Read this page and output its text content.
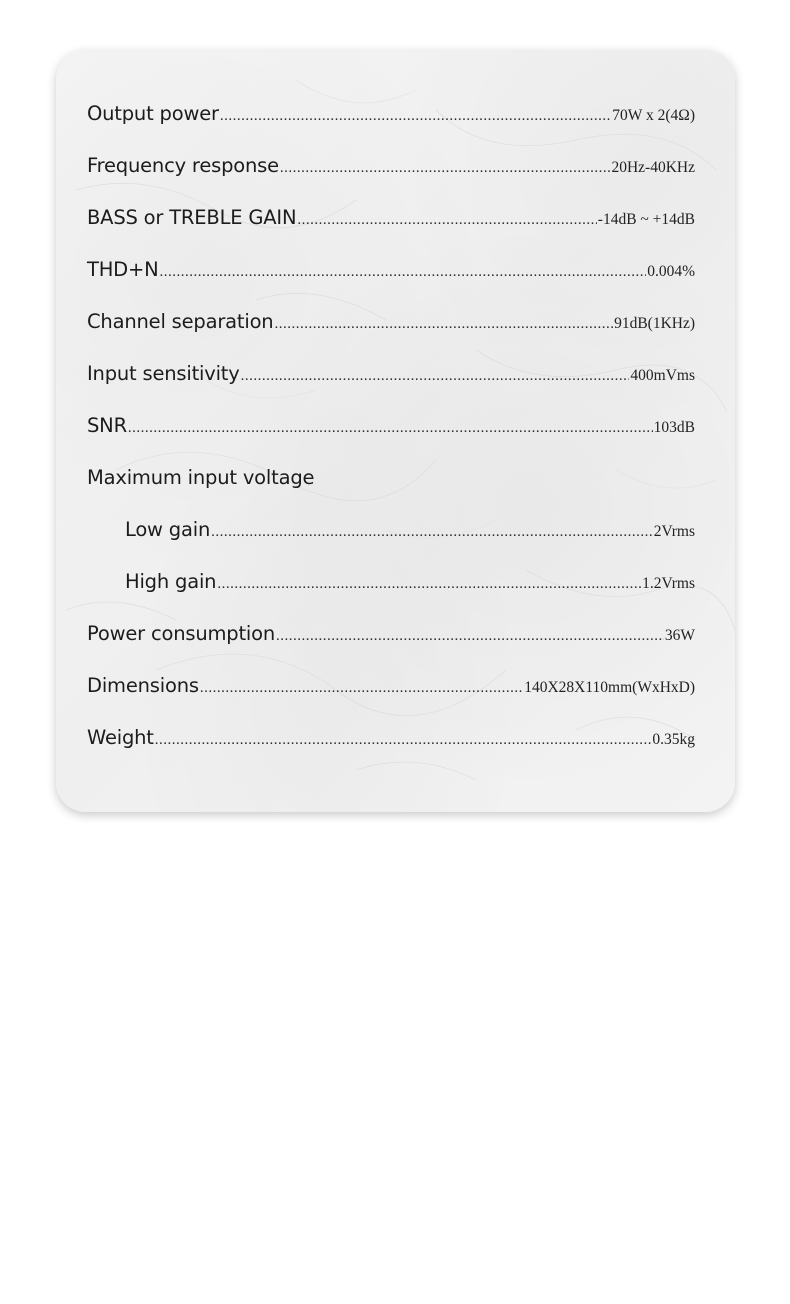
Output power .....	70W x 2(4Ω)
Frequency response .....	20Hz-40KHz
BASS or TREBLE GAIN .....	-14dB ~ +14dB
THD+N .....	0.004%
Channel separation .....	91dB(1KHz)
Input sensitivity .....	400mVms
SNR .....	103dB
Maximum input voltage
Low gain .....	2Vrms
High gain .....	1.2Vrms
Power consumption .....	36W
Dimensions .....	140X28X110mm(WxHxD)
Weight .....	0.35kg
